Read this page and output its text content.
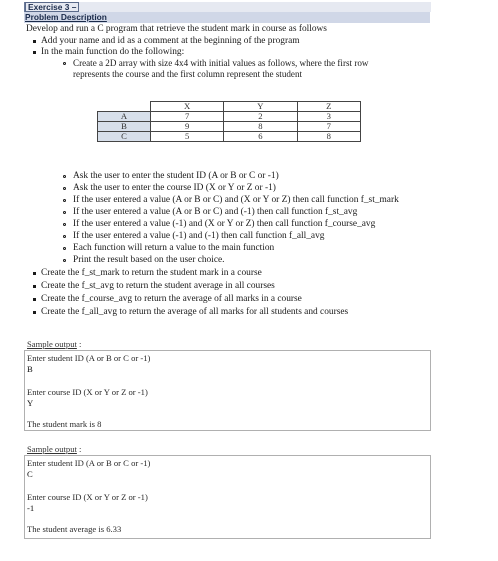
Exercise 3 –
Problem Description
Develop and run a C program that retrieve the student mark in course as follows
Add your name and id as a comment at the beginning of the program
In the main function do the following:
Create a 2D array with size 4x4 with initial values as follows, where the first row
represents the course and the first column represent the student
	X	Y	Z
A	7	2	3
B	9	8	7
C	5	6	8
Ask the user to enter the student ID (A or B or C or -1)
Ask the user to enter the course ID (X or Y or Z or -1)
If the user entered a value (A or B or C) and (X or Y or Z) then call function f_st_mark
If the user entered a value (A or B or C) and (-1) then call function f_st_avg
If the user entered a value (-1) and (X or Y or Z) then call function f_course_avg
If the user entered a value (-1) and (-1) then call function f_all_avg
Each function will return a value to the main function
Print the result based on the user choice.
Create the f_st_mark to return the student mark in a course
Create the f_st_avg to return the student average in all courses
Create the f_course_avg to return the average of all marks in a course
Create the f_all_avg to return the average of all marks for all students and courses
Sample output :
Enter student ID (A or B or C or -1)
B
Enter course ID (X or Y or Z or -1)
Y
The student mark is 8
Sample output :
Enter student ID (A or B or C or -1)
C
Enter course ID (X or Y or Z or -1)
-1
The student average is 6.33
